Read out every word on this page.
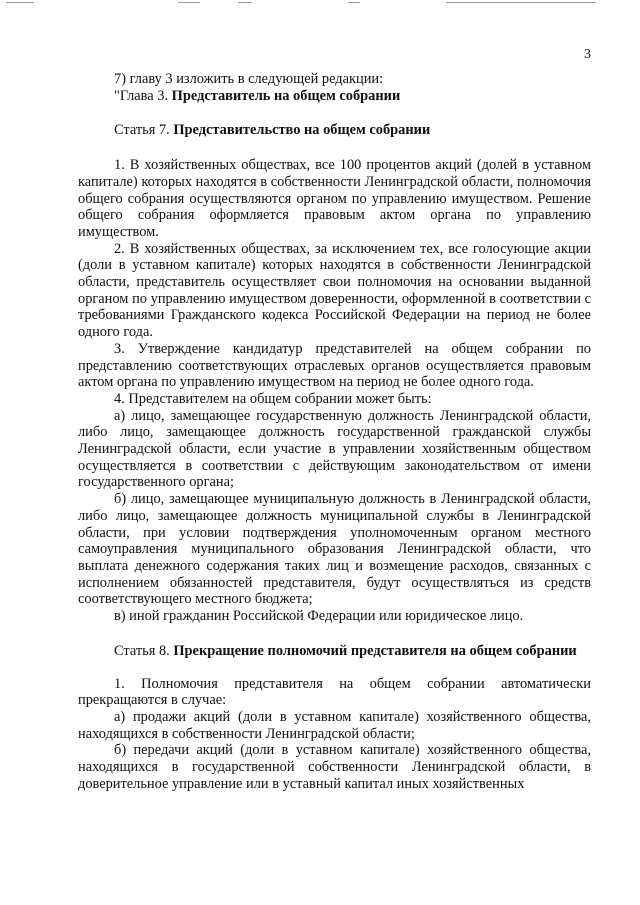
3

7) главу 3 изложить в следующей редакции:

"Глава 3. Представитель на общем собрании

Статья 7. Представительство на общем собрании

1. В хозяйственных обществах, все 100 процентов акций (долей в уставном капитале) которых находятся в собственности Ленинградской области, полномочия общего собрания осуществляются органом по управлению имуществом. Решение общего собрания оформляется правовым актом органа по управлению имуществом.

2. В хозяйственных обществах, за исключением тех, все голосующие акции (доли в уставном капитале) которых находятся в собственности Ленинградской области, представитель осуществляет свои полномочия на основании выданной органом по управлению имуществом доверенности, оформленной в соответствии с требованиями Гражданского кодекса Российской Федерации на период не более одного года.

3. Утверждение кандидатур представителей на общем собрании по представлению соответствующих отраслевых органов осуществляется правовым актом органа по управлению имуществом на период не более одного года.

4. Представителем на общем собрании может быть:

а) лицо, замещающее государственную должность Ленинградской области, либо лицо, замещающее должность государственной гражданской службы Ленинградской области, если участие в управлении хозяйственным обществом осуществляется в соответствии с действующим законодательством от имени государственного органа;

б) лицо, замещающее муниципальную должность в Ленинградской области, либо лицо, замещающее должность муниципальной службы в Ленинградской области, при условии подтверждения уполномоченным органом местного самоуправления муниципального образования Ленинградской области, что выплата денежного содержания таких лиц и возмещение расходов, связанных с исполнением обязанностей представителя, будут осуществляться из средств соответствующего местного бюджета;

в) иной гражданин Российской Федерации или юридическое лицо.

Статья 8. Прекращение полномочий представителя на общем собрании

1. Полномочия представителя на общем собрании автоматически прекращаются в случае:

а) продажи акций (доли в уставном капитале) хозяйственного общества, находящихся в собственности Ленинградской области;

б) передачи акций (доли в уставном капитале) хозяйственного общества, находящихся в государственной собственности Ленинградской области, в доверительное управление или в уставный капитал иных хозяйственных
